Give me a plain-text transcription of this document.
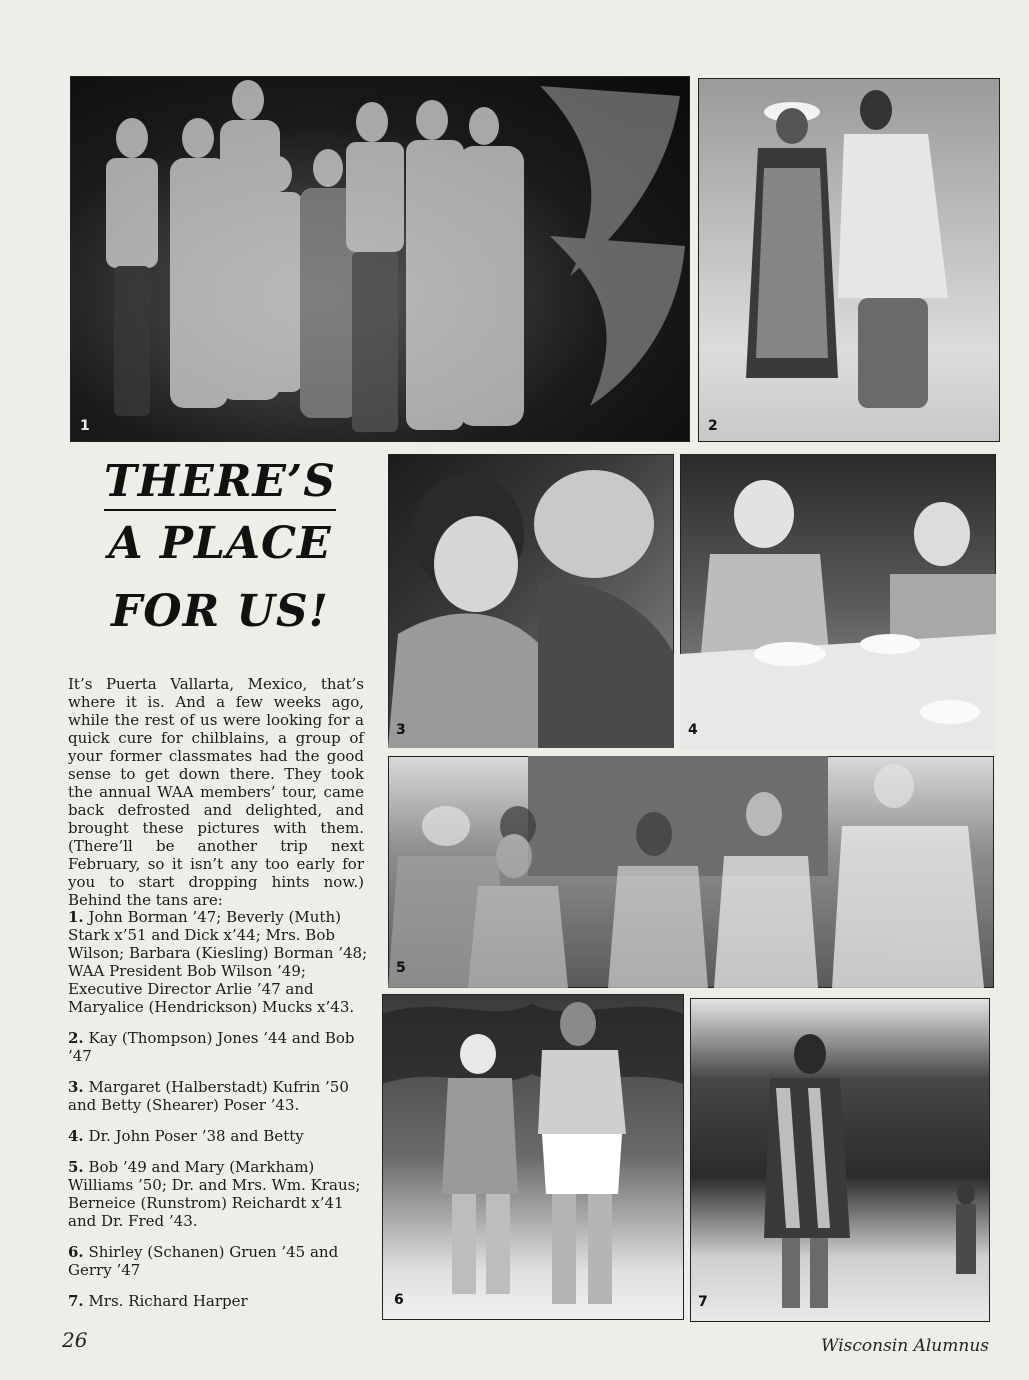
1	2
3	4
5
6	7
THERE’S
A PLACE
FOR US!

It’s Puerta Vallarta, Mexico, that’s where it is. And a few weeks ago, while the rest of us were looking for a quick cure for chilblains, a group of your former classmates had the good sense to get down there. They took the annual WAA members’ tour, came back defrosted and delighted, and brought these pictures with them. (There’ll be another trip next February, so it isn’t any too early for you to start dropping hints now.) Behind the tans are:

1. John Borman ’47; Beverly (Muth) Stark x’51 and Dick x’44; Mrs. Bob Wilson; Barbara (Kiesling) Borman ’48; WAA President Bob Wilson ’49; Executive Director Arlie ’47 and Maryalice (Hendrickson) Mucks x’43.

2. Kay (Thompson) Jones ’44 and Bob ’47

3. Margaret (Halberstadt) Kufrin ’50 and Betty (Shearer) Poser ’43.

4. Dr. John Poser ’38 and Betty

5. Bob ’49 and Mary (Markham) Williams ’50; Dr. and Mrs. Wm. Kraus; Berneice (Runstrom) Reichardt x’41 and Dr. Fred ’43.

6. Shirley (Schanen) Gruen ’45 and Gerry ’47

7. Mrs. Richard Harper

26	Wisconsin Alumnus
